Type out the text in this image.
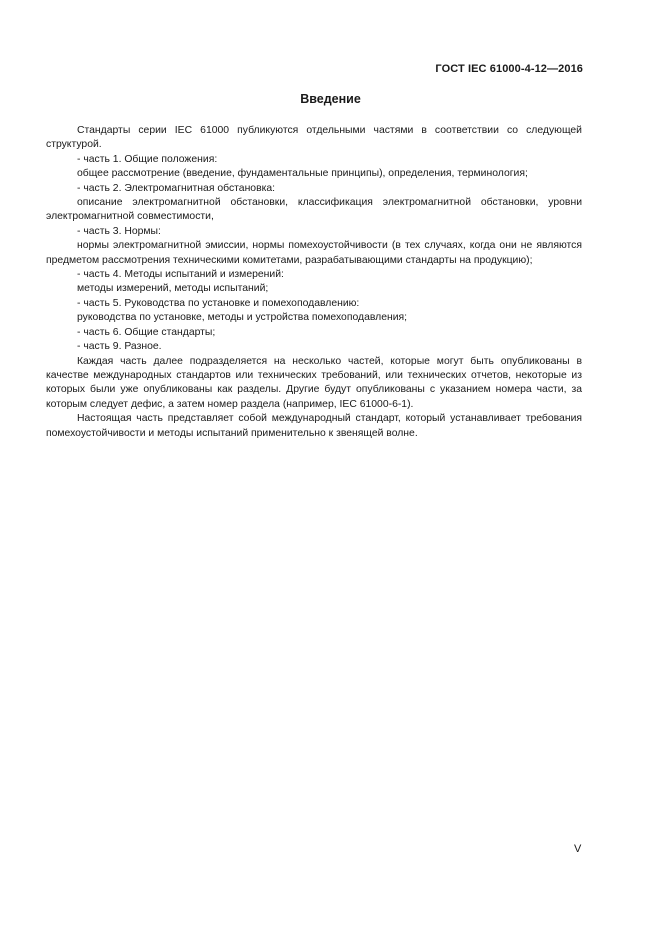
ГОСТ IEC 61000-4-12—2016
Введение

Стандарты серии IEC 61000 публикуются отдельными частями в соответствии со следующей структурой.

- часть 1. Общие положения:

общее рассмотрение (введение, фундаментальные принципы), определения, терминология;

- часть 2. Электромагнитная обстановка:

описание электромагнитной обстановки, классификация электромагнитной обстановки, уровни электромагнитной совместимости,

- часть 3. Нормы:

нормы электромагнитной эмиссии, нормы помехоустойчивости (в тех случаях, когда они не являются предметом рассмотрения техническими комитетами, разрабатывающими стандарты на продукцию);

- часть 4. Методы испытаний и измерений:

методы измерений, методы испытаний;

- часть 5. Руководства по установке и помехоподавлению:

руководства по установке, методы и устройства помехоподавления;

- часть 6. Общие стандарты;

- часть 9. Разное.

Каждая часть далее подразделяется на несколько частей, которые могут быть опубликованы в качестве международных стандартов или технических требований, или технических отчетов, некоторые из которых были уже опубликованы как разделы. Другие будут опубликованы с указанием номера части, за которым следует дефис, а затем номер раздела (например, IEC 61000-6-1).

Настоящая часть представляет собой международный стандарт, который устанавливает требования помехоустойчивости и методы испытаний применительно к звенящей волне.

V
